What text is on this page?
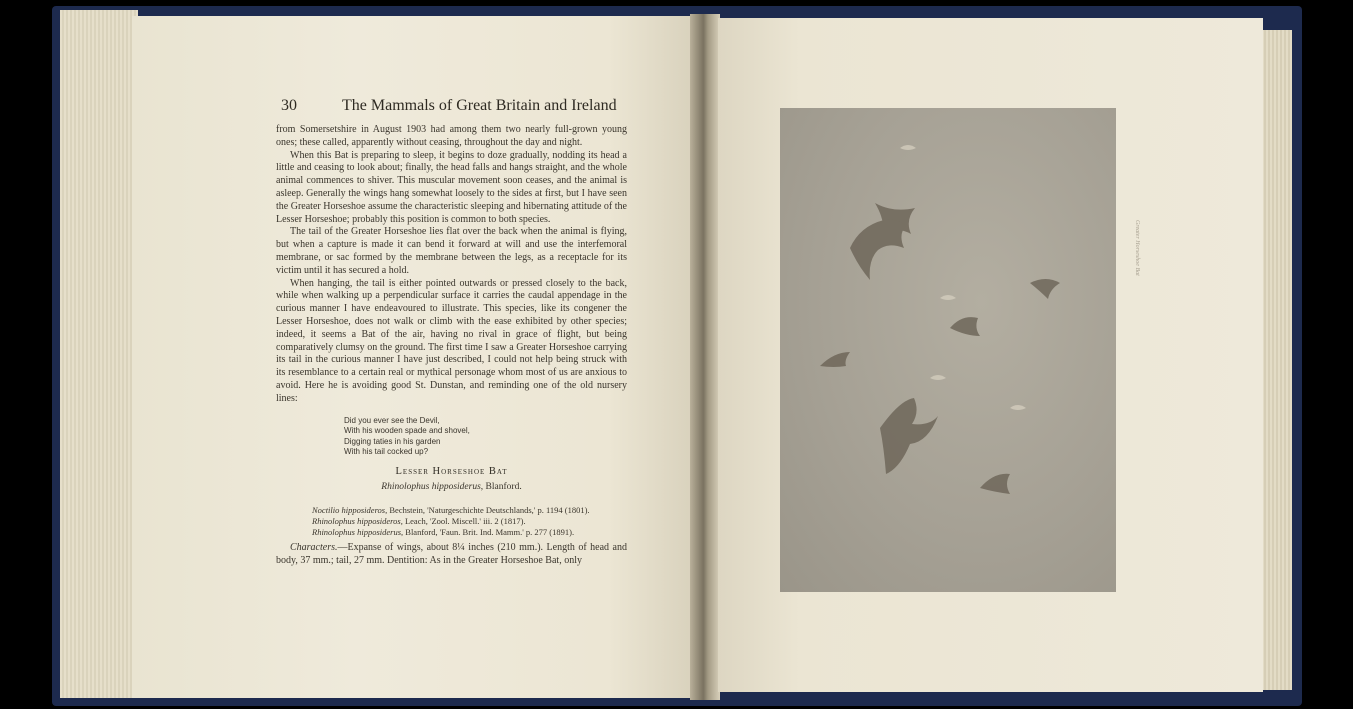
30	The Mammals of Great Britain and Ireland

from Somersetshire in August 1903 had among them two nearly full-grown young ones; these called, apparently without ceasing, throughout the day and night.

When this Bat is preparing to sleep, it begins to doze gradually, nodding its head a little and ceasing to look about; finally, the head falls and hangs straight, and the whole animal commences to shiver. This muscular movement soon ceases, and the animal is asleep. Generally the wings hang somewhat loosely to the sides at first, but I have seen the Greater Horseshoe assume the characteristic sleeping and hibernating attitude of the Lesser Horseshoe; probably this position is common to both species.

The tail of the Greater Horseshoe lies flat over the back when the animal is flying, but when a capture is made it can bend it forward at will and use the interfemoral membrane, or sac formed by the membrane between the legs, as a receptacle for its victim until it has secured a hold.

When hanging, the tail is either pointed outwards or pressed closely to the back, while when walking up a perpendicular surface it carries the caudal appendage in the curious manner I have endeavoured to illustrate. This species, like its congener the Lesser Horseshoe, does not walk or climb with the ease exhibited by other species; indeed, it seems a Bat of the air, having no rival in grace of flight, but being comparatively clumsy on the ground. The first time I saw a Greater Horseshoe carrying its tail in the curious manner I have just described, I could not help being struck with its resemblance to a certain real or mythical personage whom most of us are anxious to avoid. Here he is avoiding good St. Dunstan, and reminding one of the old nursery lines:

Did you ever see the Devil,
With his wooden spade and shovel,
Digging taties in his garden
With his tail cocked up?
Lesser Horseshoe Bat
Rhinolophus hipposiderus, Blanford.
Noctilio hipposideros, Bechstein, 'Naturgeschichte Deutschlands,' p. 1194 (1801).
Rhinolophus hipposideros, Leach, 'Zool. Miscell.' iii. 2 (1817).
Rhinolophus hipposiderus, Blanford, 'Faun. Brit. Ind. Mamm.' p. 277 (1891).

Characters.—Expanse of wings, about 8¼ inches (210 mm.). Length of head and body, 37 mm.; tail, 27 mm. Dentition: As in the Greater Horseshoe Bat, only

Greater Horseshoe Bat
